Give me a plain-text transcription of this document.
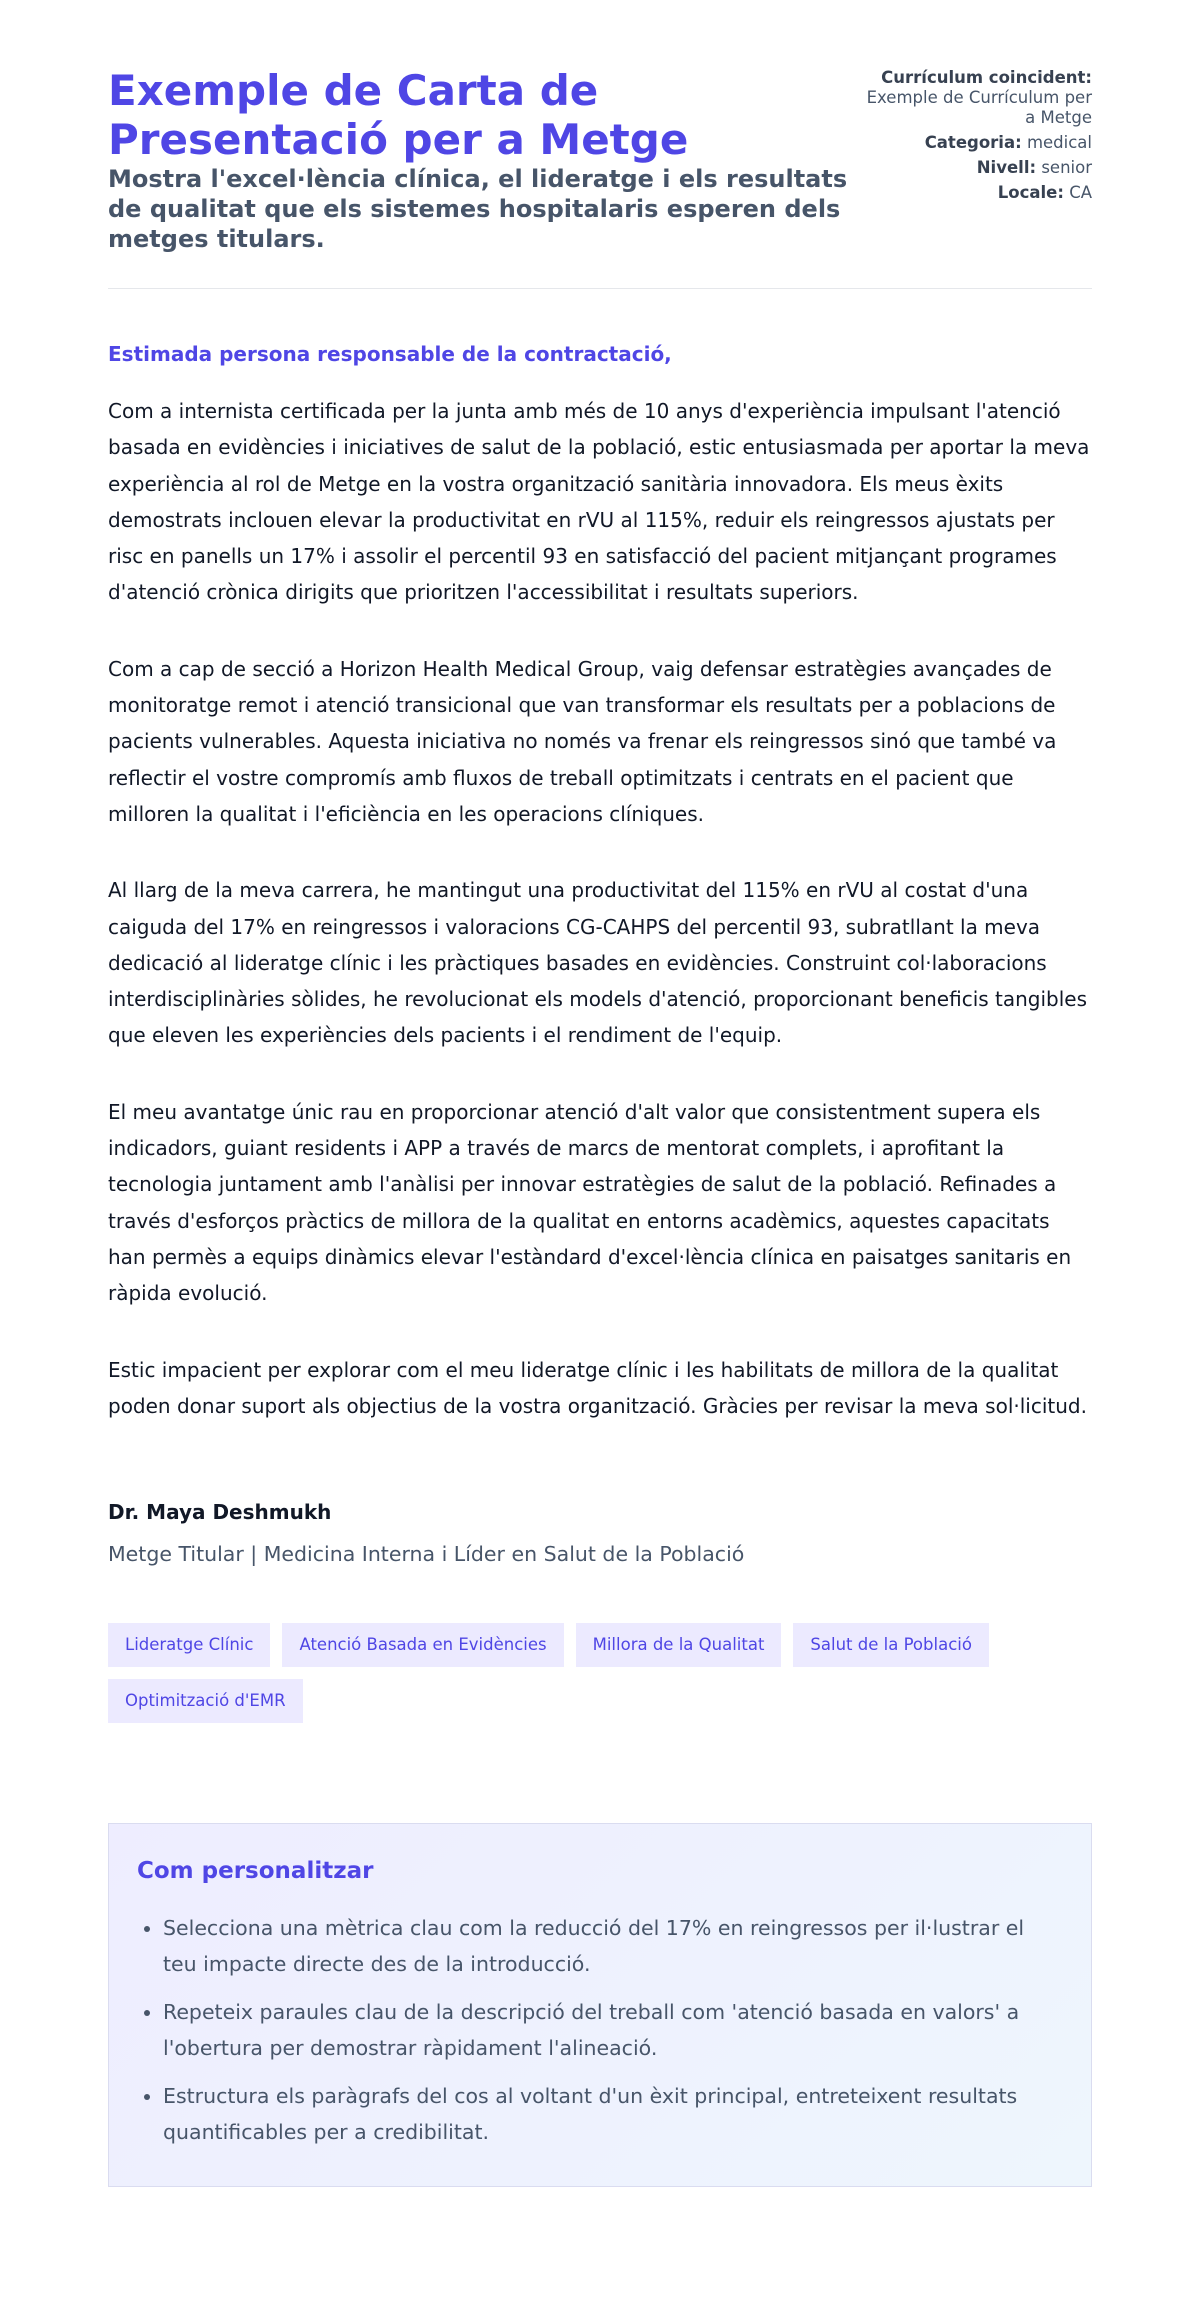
Exemple de Carta de Presentació per a Metge
Mostra l'excel·lència clínica, el lideratge i els resultats de qualitat que els sistemes hospitalaris esperen dels metges titulars.
Currículum coincident: Exemple de Currículum per a Metge
Categoria: medical
Nivell: senior
Locale: CA

Estimada persona responsable de la contractació,

Com a internista certificada per la junta amb més de 10 anys d'experiència impulsant l'atenció basada en evidències i iniciatives de salut de la població, estic entusiasmada per aportar la meva experiència al rol de Metge en la vostra organització sanitària innovadora. Els meus èxits demostrats inclouen elevar la productivitat en rVU al 115%, reduir els reingressos ajustats per risc en panells un 17% i assolir el percentil 93 en satisfacció del pacient mitjançant programes d'atenció crònica dirigits que prioritzen l'accessibilitat i resultats superiors.

Com a cap de secció a Horizon Health Medical Group, vaig defensar estratègies avançades de monitoratge remot i atenció transicional que van transformar els resultats per a poblacions de pacients vulnerables. Aquesta iniciativa no només va frenar els reingressos sinó que també va reflectir el vostre compromís amb fluxos de treball optimitzats i centrats en el pacient que milloren la qualitat i l'eficiència en les operacions clíniques.

Al llarg de la meva carrera, he mantingut una productivitat del 115% en rVU al costat d'una caiguda del 17% en reingressos i valoracions CG-CAHPS del percentil 93, subratllant la meva dedicació al lideratge clínic i les pràctiques basades en evidències. Construint col·laboracions interdisciplinàries sòlides, he revolucionat els models d'atenció, proporcionant beneficis tangibles que eleven les experiències dels pacients i el rendiment de l'equip.

El meu avantatge únic rau en proporcionar atenció d'alt valor que consistentment supera els indicadors, guiant residents i APP a través de marcs de mentorat complets, i aprofitant la tecnologia juntament amb l'anàlisi per innovar estratègies de salut de la població. Refinades a través d'esforços pràctics de millora de la qualitat en entorns acadèmics, aquestes capacitats han permès a equips dinàmics elevar l'estàndard d'excel·lència clínica en paisatges sanitaris en ràpida evolució.

Estic impacient per explorar com el meu lideratge clínic i les habilitats de millora de la qualitat poden donar suport als objectius de la vostra organització. Gràcies per revisar la meva sol·licitud.

Dr. Maya Deshmukh

Metge Titular | Medicina Interna i Líder en Salut de la Població

Lideratge Clínic	Atenció Basada en Evidències	Millora de la Qualitat	Salut de la Població
Optimització d'EMR
Com personalitzar
• Selecciona una mètrica clau com la reducció del 17% en reingressos per il·lustrar el teu impacte directe des de la introducció.
• Repeteix paraules clau de la descripció del treball com 'atenció basada en valors' a l'obertura per demostrar ràpidament l'alineació.
• Estructura els paràgrafs del cos al voltant d'un èxit principal, entreteixent resultats quantificables per a credibilitat.
